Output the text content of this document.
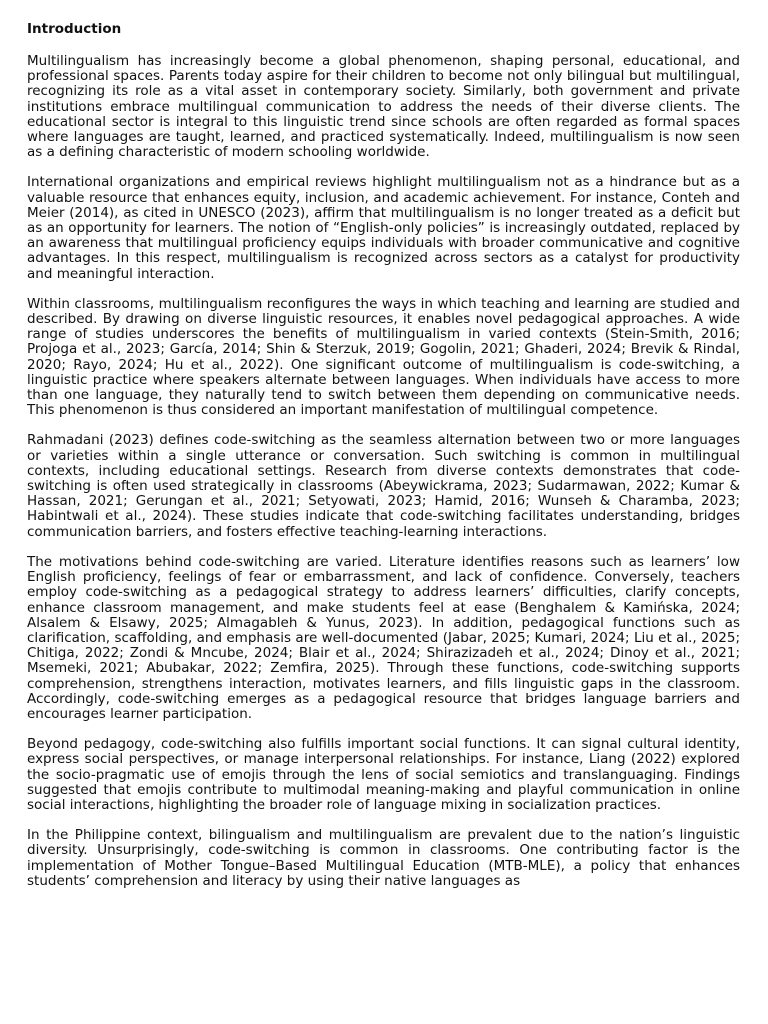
Introduction

Multilingualism has increasingly become a global phenomenon, shaping personal, educational, and professional spaces. Parents today aspire for their children to become not only bilingual but multilingual, recognizing its role as a vital asset in contemporary society. Similarly, both government and private institutions embrace multilingual communication to address the needs of their diverse clients. The educational sector is integral to this linguistic trend since schools are often regarded as formal spaces where languages are taught, learned, and practiced systematically. Indeed, multilingualism is now seen as a defining characteristic of modern schooling worldwide.

International organizations and empirical reviews highlight multilingualism not as a hindrance but as a valuable resource that enhances equity, inclusion, and academic achievement. For instance, Conteh and Meier (2014), as cited in UNESCO (2023), affirm that multilingualism is no longer treated as a deficit but as an opportunity for learners. The notion of “English-only policies” is increasingly outdated, replaced by an awareness that multilingual proficiency equips individuals with broader communicative and cognitive advantages. In this respect, multilingualism is recognized across sectors as a catalyst for productivity and meaningful interaction.

Within classrooms, multilingualism reconfigures the ways in which teaching and learning are studied and described. By drawing on diverse linguistic resources, it enables novel pedagogical approaches. A wide range of studies underscores the benefits of multilingualism in varied contexts (Stein-Smith, 2016; Projoga et al., 2023; García, 2014; Shin & Sterzuk, 2019; Gogolin, 2021; Ghaderi, 2024; Brevik & Rindal, 2020; Rayo, 2024; Hu et al., 2022). One significant outcome of multilingualism is code-switching, a linguistic practice where speakers alternate between languages. When individuals have access to more than one language, they naturally tend to switch between them depending on communicative needs. This phenomenon is thus considered an important manifestation of multilingual competence.

Rahmadani (2023) defines code-switching as the seamless alternation between two or more languages or varieties within a single utterance or conversation. Such switching is common in multilingual contexts, including educational settings. Research from diverse contexts demonstrates that code-switching is often used strategically in classrooms (Abeywickrama, 2023; Sudarmawan, 2022; Kumar & Hassan, 2021; Gerungan et al., 2021; Setyowati, 2023; Hamid, 2016; Wunseh & Charamba, 2023; Habintwali et al., 2024). These studies indicate that code-switching facilitates understanding, bridges communication barriers, and fosters effective teaching-learning interactions.

The motivations behind code-switching are varied. Literature identifies reasons such as learners’ low English proficiency, feelings of fear or embarrassment, and lack of confidence. Conversely, teachers employ code-switching as a pedagogical strategy to address learners’ difficulties, clarify concepts, enhance classroom management, and make students feel at ease (Benghalem & Kamińska, 2024; Alsalem & Elsawy, 2025; Almagableh & Yunus, 2023). In addition, pedagogical functions such as clarification, scaffolding, and emphasis are well-documented (Jabar, 2025; Kumari, 2024; Liu et al., 2025; Chitiga, 2022; Zondi & Mncube, 2024; Blair et al., 2024; Shirazizadeh et al., 2024; Dinoy et al., 2021; Msemeki, 2021; Abubakar, 2022; Zemfira, 2025). Through these functions, code-switching supports comprehension, strengthens interaction, motivates learners, and fills linguistic gaps in the classroom. Accordingly, code-switching emerges as a pedagogical resource that bridges language barriers and encourages learner participation.

Beyond pedagogy, code-switching also fulfills important social functions. It can signal cultural identity, express social perspectives, or manage interpersonal relationships. For instance, Liang (2022) explored the socio-pragmatic use of emojis through the lens of social semiotics and translanguaging. Findings suggested that emojis contribute to multimodal meaning-making and playful communication in online social interactions, highlighting the broader role of language mixing in socialization practices.

In the Philippine context, bilingualism and multilingualism are prevalent due to the nation’s linguistic diversity. Unsurprisingly, code-switching is common in classrooms. One contributing factor is the implementation of Mother Tongue–Based Multilingual Education (MTB-MLE), a policy that enhances students’ comprehension and literacy by using their native languages as
